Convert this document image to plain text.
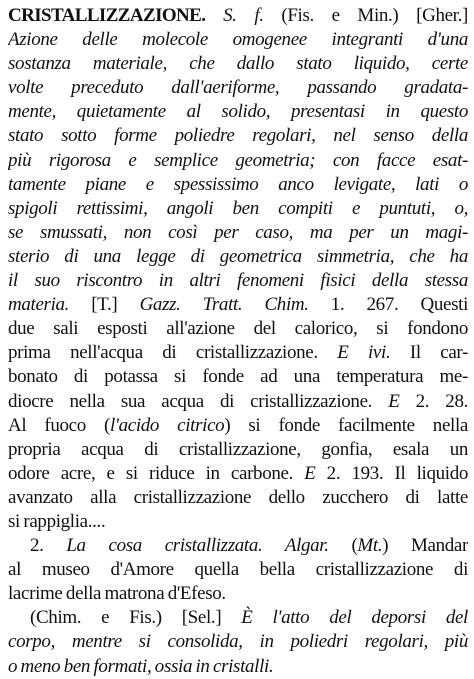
CRISTALLIZZAZIONE. S. f. (Fis. e Min.) [Gher.]
Azione delle molecole omogenee integranti d'una
sostanza materiale, che dallo stato liquido, certe
volte preceduto dall'aeriforme, passando gradata-
mente, quietamente al solido, presentasi in questo
stato sotto forme poliedre regolari, nel senso della
più rigorosa e semplice geometria; con facce esat-
tamente piane e spessissimo anco levigate, lati o
spigoli rettissimi, angoli ben compiti e puntuti, o,
se smussati, non così per caso, ma per un magi-
sterio di una legge di geometrica simmetria, che ha
il suo riscontro in altri fenomeni fisici della stessa
materia. [T.] Gazz. Tratt. Chim. 1. 267. Questi
due sali esposti all'azione del calorico, si fondono
prima nell'acqua di cristallizzazione. E ivi. Il car-
bonato di potassa si fonde ad una temperatura me-
diocre nella sua acqua di cristallizzazione. E 2. 28.
Al fuoco (l'acido citrico) si fonde facilmente nella
propria acqua di cristallizzazione, gonfia, esala un
odore acre, e si riduce in carbone. E 2. 193. Il liquido
avanzato alla cristallizzazione dello zucchero di latte
si rappiglia....
2. La cosa cristallizzata. Algar. (Mt.) Mandar
al museo d'Amore quella bella cristallizzazione di
lacrime della matrona d'Efeso.
(Chim. e Fis.) [Sel.] È l'atto del deporsi del
corpo, mentre si consolida, in poliedri regolari, più
o meno ben formati, ossia in cristalli.
